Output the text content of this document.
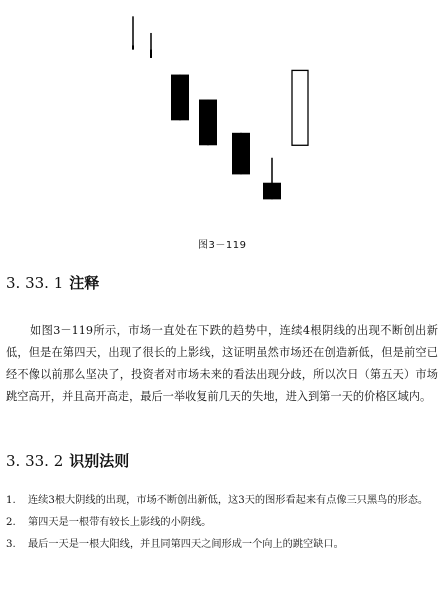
图3－119
3. 33. 1 注释

如图3－119所示，市场一直处在下跌的趋势中，连续4根阴线的出现不断创出新低，但是在第四天，出现了很长的上影线，这证明虽然市场还在创造新低，但是前空已经不像以前那么坚决了，投资者对市场未来的看法出现分歧，所以次日（第五天）市场跳空高开，并且高开高走，最后一举收复前几天的失地，进入到第一天的价格区域内。

3. 33. 2 识别法则
1. 连续3根大阴线的出现，市场不断创出新低，这3天的图形看起来有点像三只黑鸟的形态。
2. 第四天是一根带有较长上影线的小阴线。
3. 最后一天是一根大阳线，并且同第四天之间形成一个向上的跳空缺口。
